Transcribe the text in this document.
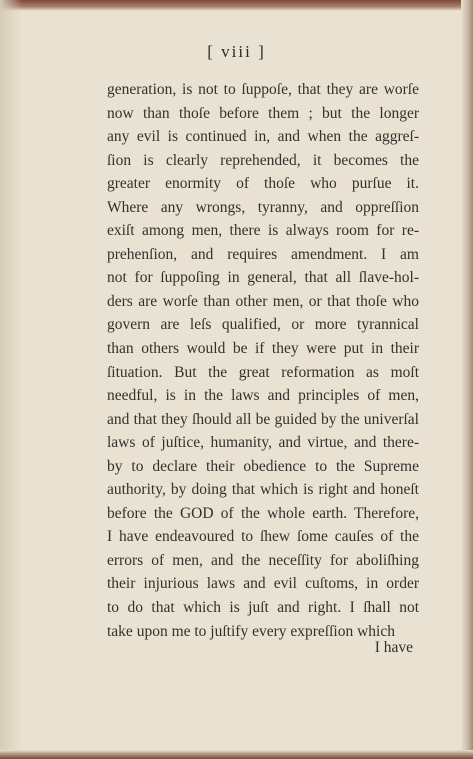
[ viii ]
generation, is not to ſuppoſe, that they are worſe
now than thoſe before them ; but the longer
any evil is continued in, and when the aggreſ-
ſion is clearly reprehended, it becomes the
greater enormity of thoſe who purſue it.
Where any wrongs, tyranny, and oppreſſion
exiſt among men, there is always room for re-
prehenſion, and requires amendment. I am
not for ſuppoſing in general, that all ſlave-hol-
ders are worſe than other men, or that thoſe who
govern are leſs qualified, or more tyrannical
than others would be if they were put in their
ſituation. But the great reformation as moſt
needful, is in the laws and principles of men,
and that they ſhould all be guided by the univerſal
laws of juſtice, humanity, and virtue, and there-
by to declare their obedience to the Supreme
authority, by doing that which is right and honeſt
before the GOD of the whole earth. Therefore,
I have endeavoured to ſhew ſome cauſes of the
errors of men, and the neceſſity for aboliſhing
their injurious laws and evil cuſtoms, in order
to do that which is juſt and right. I ſhall not
take upon me to juſtify every expreſſion which
I have
